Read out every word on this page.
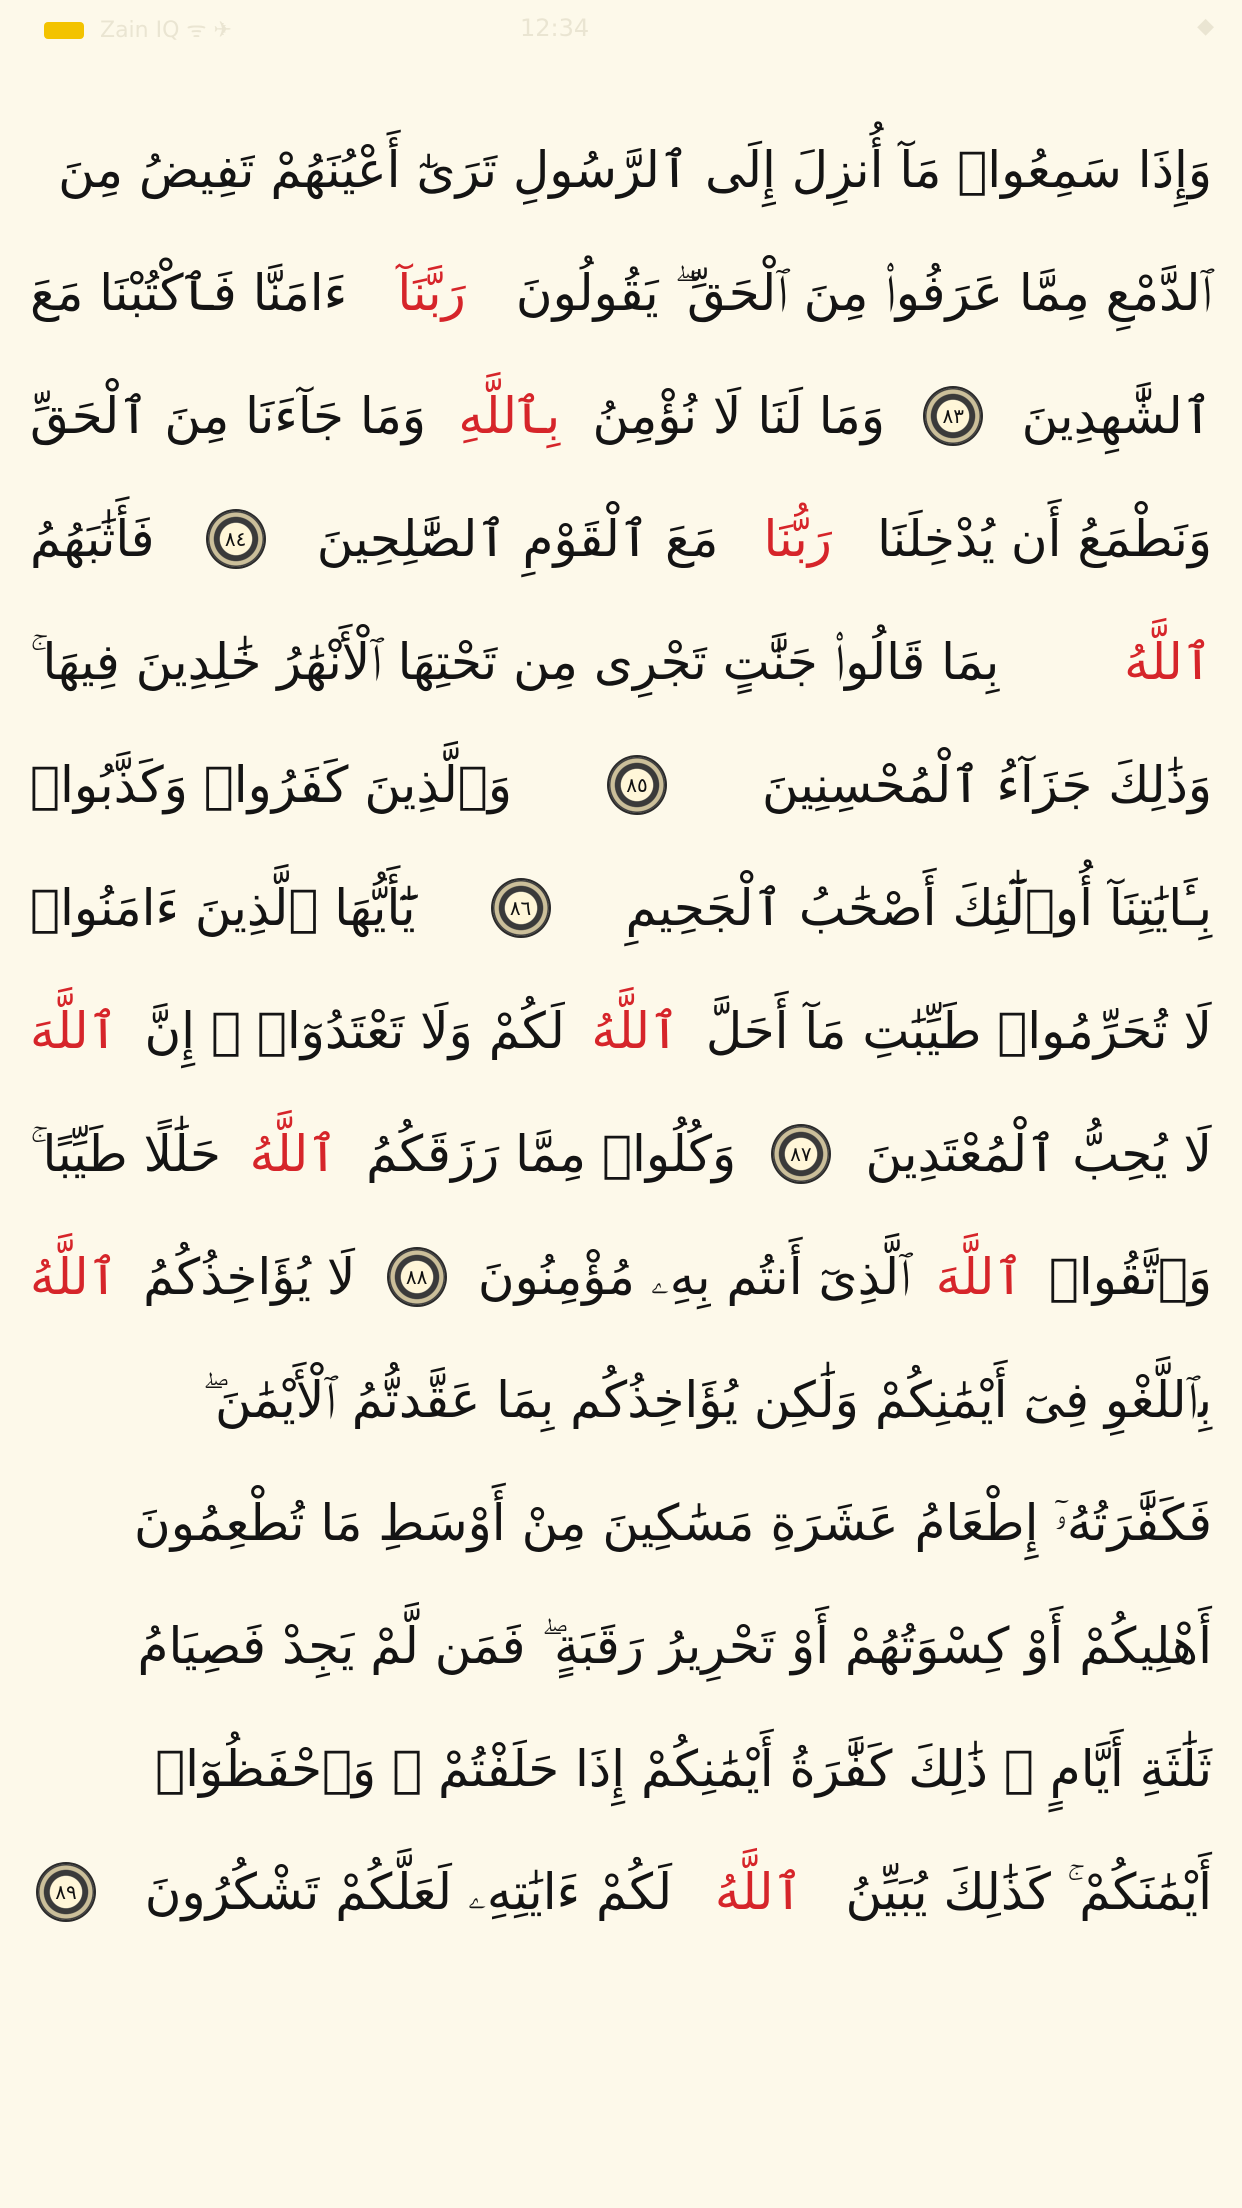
Zain IQ ᯤ ✈	12:34	◆
وَإِذَا سَمِعُوا۟ مَآ أُنزِلَ إِلَى ٱلرَّسُولِ تَرَىٰٓ أَعْيُنَهُمْ تَفِيضُ مِنَ
ٱلدَّمْعِ مِمَّا عَرَفُوا۟ مِنَ ٱلْحَقِّ ۖ يَقُولُونَ
رَبَّنَآ
ءَامَنَّا فَٱكْتُبْنَا مَعَ
ٱلشَّٰهِدِينَ
٨٣
وَمَا لَنَا لَا نُؤْمِنُ
بِٱللَّهِ
وَمَا جَآءَنَا مِنَ ٱلْحَقِّ
وَنَطْمَعُ أَن يُدْخِلَنَا
رَبُّنَا
مَعَ ٱلْقَوْمِ ٱلصَّٰلِحِينَ
٨٤
فَأَثَٰبَهُمُ
ٱللَّهُ
بِمَا قَالُوا۟ جَنَّٰتٍ تَجْرِى مِن تَحْتِهَا ٱلْأَنْهَٰرُ خَٰلِدِينَ فِيهَا ۚ
وَذَٰلِكَ جَزَآءُ ٱلْمُحْسِنِينَ
٨٥
وَٱلَّذِينَ كَفَرُوا۟ وَكَذَّبُوا۟
بِـَٔايَٰتِنَآ أُو۟لَٰٓئِكَ أَصْحَٰبُ ٱلْجَحِيمِ
٨٦
يَٰٓأَيُّهَا ٱلَّذِينَ ءَامَنُوا۟
لَا تُحَرِّمُوا۟ طَيِّبَٰتِ مَآ أَحَلَّ
ٱللَّهُ
لَكُمْ وَلَا تَعْتَدُوٓا۟ ۚ إِنَّ
ٱللَّهَ
لَا يُحِبُّ ٱلْمُعْتَدِينَ
٨٧
وَكُلُوا۟ مِمَّا رَزَقَكُمُ
ٱللَّهُ
حَلَٰلًا طَيِّبًا ۚ
وَٱتَّقُوا۟
ٱللَّهَ
ٱلَّذِىٓ أَنتُم بِهِۦ مُؤْمِنُونَ
٨٨
لَا يُؤَاخِذُكُمُ
ٱللَّهُ
بِٱللَّغْوِ فِىٓ أَيْمَٰنِكُمْ وَلَٰكِن يُؤَاخِذُكُم بِمَا عَقَّدتُّمُ ٱلْأَيْمَٰنَ ۖ
فَكَفَّٰرَتُهُۥٓ إِطْعَامُ عَشَرَةِ مَسَٰكِينَ مِنْ أَوْسَطِ مَا تُطْعِمُونَ
أَهْلِيكُمْ أَوْ كِسْوَتُهُمْ أَوْ تَحْرِيرُ رَقَبَةٍ ۖ فَمَن لَّمْ يَجِدْ فَصِيَامُ
ثَلَٰثَةِ أَيَّامٍ ۚ ذَٰلِكَ كَفَّٰرَةُ أَيْمَٰنِكُمْ إِذَا حَلَفْتُمْ ۚ وَٱحْفَظُوٓا۟
أَيْمَٰنَكُمْ ۚ كَذَٰلِكَ يُبَيِّنُ
ٱللَّهُ
لَكُمْ ءَايَٰتِهِۦ لَعَلَّكُمْ تَشْكُرُونَ
٨٩
